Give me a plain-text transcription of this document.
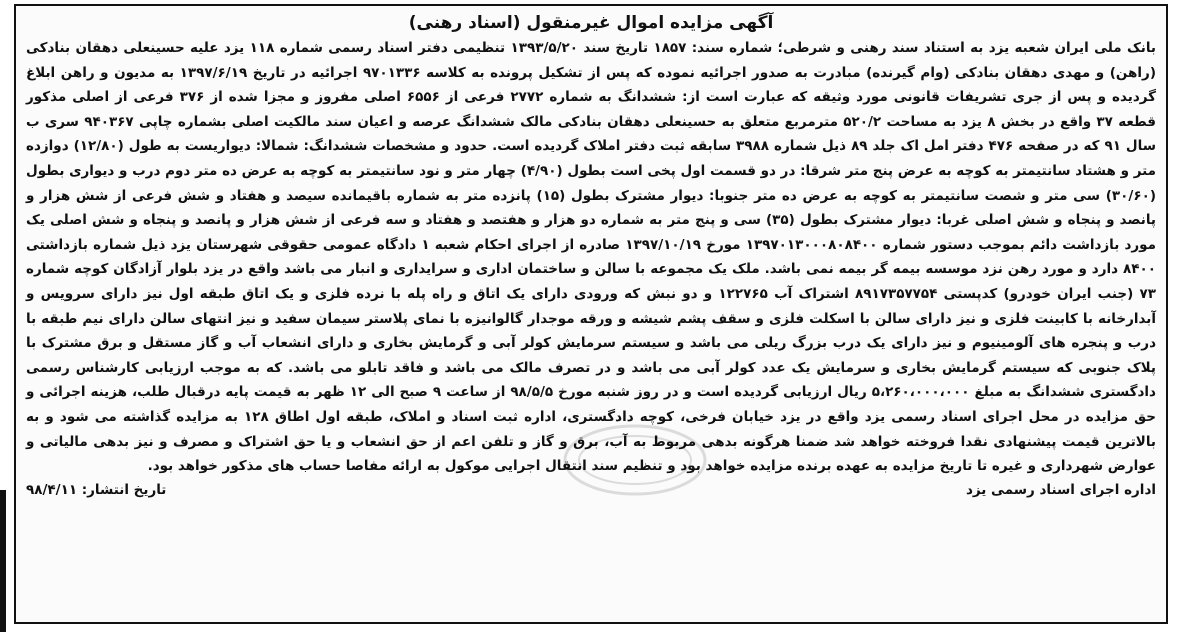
آگهی مزایده اموال غیرمنقول (اسناد رهنی)

بانک ملی ایران شعبه یزد به استناد سند رهنی و شرطی؛ شماره سند: ۱۸۵۷ تاریخ سند ۱۳۹۳/۵/۲۰ تنظیمی دفتر اسناد رسمی شماره ۱۱۸ یزد علیه حسینعلی دهقان بنادکی (راهن) و مهدی دهقان بنادکی (وام گیرنده) مبادرت به صدور اجرائیه نموده که پس از تشکیل پرونده به کلاسه ۹۷۰۱۳۳۶ اجرائیه در تاریخ ۱۳۹۷/۶/۱۹ به مدیون و راهن ابلاغ گردیده و پس از جری تشریفات قانونی مورد وثیقه که عبارت است از: ششدانگ به شماره ۲۷۷۲ فرعی از ۶۵۵۶ اصلی مفروز و مجزا شده از ۳۷۶ فرعی از اصلی مذکور قطعه ۳۷ واقع در بخش ۸ یزد به مساحت ۵۲۰/۲ مترمربع متعلق به حسینعلی دهقان بنادکی مالک ششدانگ عرصه و اعیان سند مالکیت اصلی بشماره چاپی ۹۴۰۳۶۷ سری ب سال ۹۱ که در صفحه ۴۷۶ دفتر امل اک جلد ۸۹ ذیل شماره ۳۹۸۸ سابقه ثبت دفتر املاک گردیده است. حدود و مشخصات ششدانگ: شمالا: دیواریست به طول (۱۲/۸۰) دوازده متر و هشتاد سانتیمتر به کوچه به عرض پنج متر شرقا: در دو قسمت اول پخی است بطول (۴/۹۰) چهار متر و نود سانتیمتر به کوچه به عرض ده متر دوم درب و دیواری بطول (۳۰/۶۰) سی متر و شصت سانتیمتر به کوچه به عرض ده متر جنوبا: دیوار مشترک بطول (۱۵) پانزده متر به شماره باقیمانده سیصد و هفتاد و شش فرعی از شش هزار و پانصد و پنجاه و شش اصلی غربا: دیوار مشترک بطول (۳۵) سی و پنج متر به شماره دو هزار و هفتصد و هفتاد و سه فرعی از شش هزار و پانصد و پنجاه و شش اصلی یک مورد بازداشت دائم بموجب دستور شماره ۱۳۹۷۰۱۳۰۰۰۸۰۸۴۰۰ مورخ ۱۳۹۷/۱۰/۱۹ صادره از اجرای احکام شعبه ۱ دادگاه عمومی حقوقی شهرستان یزد ذیل شماره بازداشتی ۸۴۰۰ دارد و مورد رهن نزد موسسه بیمه گر بیمه نمی باشد. ملک یک مجموعه با سالن و ساختمان اداری و سرایداری و انبار می باشد واقع در یزد بلوار آزادگان کوچه شماره ۷۳ (جنب ایران خودرو) کدپستی ۸۹۱۷۳۵۷۷۵۴ اشتراک آب ۱۲۲۷۶۵ و دو نبش که ورودی دارای یک اتاق و راه پله با نرده فلزی و یک اتاق طبقه اول نیز دارای سرویس و آبدارخانه با کابینت فلزی و نیز دارای سالن با اسکلت فلزی و سقف پشم شیشه و ورقه موجدار گالوانیزه با نمای پلاستر سیمان سفید و نیز انتهای سالن دارای نیم طبقه با درب و پنجره های آلومینیوم و نیز دارای یک درب بزرگ ریلی می باشد و سیستم سرمایش کولر آبی و گرمایش بخاری و دارای انشعاب آب و گاز مستقل و برق مشترک با پلاک جنوبی که سیستم گرمایش بخاری و سرمایش یک عدد کولر آبی می باشد و در تصرف مالک می باشد و فاقد تابلو می باشد. که به موجب ارزیابی کارشناس رسمی دادگستری ششدانگ به مبلغ ۵،۲۶۰،۰۰۰،۰۰۰ ریال ارزیابی گردیده است و در روز شنبه مورخ ۹۸/۵/۵ از ساعت ۹ صبح الی ۱۲ ظهر به قیمت پایه درقبال طلب، هزینه اجرائی و حق مزایده در محل اجرای اسناد رسمی یزد واقع در یزد خیابان فرخی، کوچه دادگستری، اداره ثبت اسناد و املاک، طبقه اول اطاق ۱۲۸ به مزایده گذاشته می شود و به بالاترین قیمت پیشنهادی نقدا فروخته خواهد شد ضمنا هرگونه بدهی مربوط به آب، برق و گاز و تلفن اعم از حق انشعاب و یا حق اشتراک و مصرف و نیز بدهی مالیاتی و عوارض شهرداری و غیره تا تاریخ مزایده به عهده برنده مزایده خواهد بود و تنظیم سند انتقال اجرایی موکول به ارائه مفاصا حساب های مذکور خواهد بود.

اداره اجرای اسناد رسمی یزد
تاریخ انتشار: ۹۸/۴/۱۱
